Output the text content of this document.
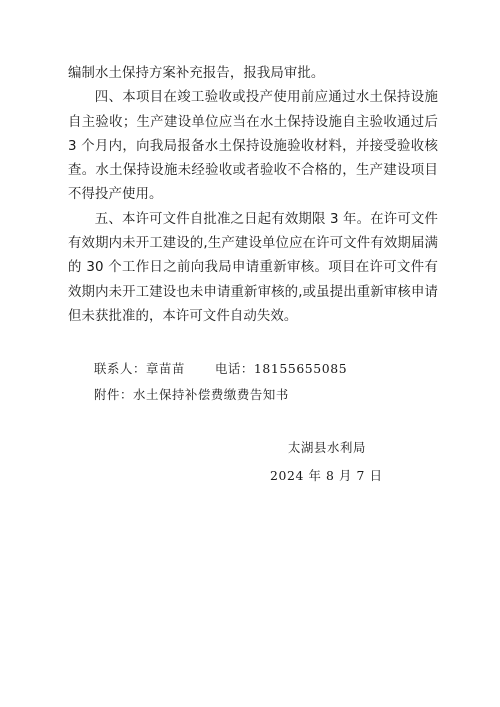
编制水土保持方案补充报告，报我局审批。

四、本项目在竣工验收或投产使用前应通过水土保持设施自主验收；生产建设单位应当在水土保持设施自主验收通过后 3 个月内，向我局报备水土保持设施验收材料，并接受验收核查。水土保持设施未经验收或者验收不合格的，生产建设项目不得投产使用。

五、本许可文件自批准之日起有效期限 3 年。在许可文件有效期内未开工建设的,生产建设单位应在许可文件有效期届满的 30 个工作日之前向我局申请重新审核。项目在许可文件有效期内未开工建设也未申请重新审核的,或虽提出重新审核申请但未获批准的，本许可文件自动失效。

联系人：章苗苗 电话：18155655085
附件：水土保持补偿费缴费告知书
太湖县水利局
2024 年 8 月 7 日
